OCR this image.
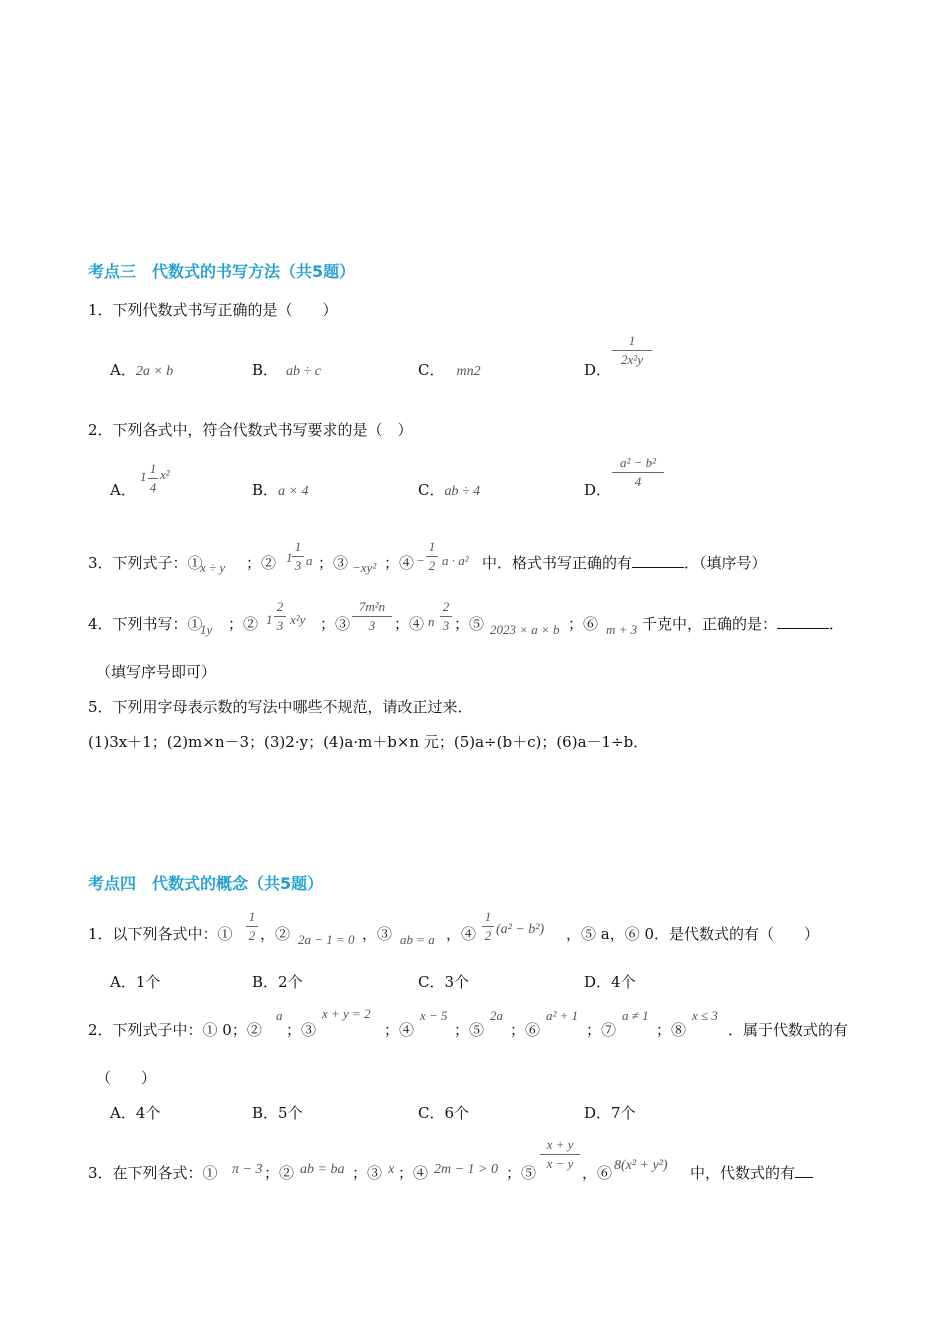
考点三　代数式的书写方法（共5题）
1．下列代数式书写正确的是（　　）
A．2a × b	B． ab ÷ c	C． mn2	D．
1
2x²y
2．下列各式中，符合代数式书写要求的是（　）
A．
1
1
4
x²
B．a × 4	C．ab ÷ 4	D．
a² − b²
4
3．下列式子：①
x ÷ y ；② 1
1
3 a ；③ −xy² ；④ −
1
2 a · a² 中．格式书写正确的有	．（填序号）
4．下列书写：①
1y ；② 1
2
3 x²y ；③
7m²n
3	；④ n
2
3 ；⑤ 2023 × a × b ；⑥ m + 3 千克中，正确的是：	．
（填写序号即可）
5．下列用字母表示数的写法中哪些不规范，请改正过来．
(1)3x＋1；(2)m×n－3；(3)2·y；(4)a·m＋b×n 元；(5)a÷(b＋c)；(6)a－1÷b．
考点四　代数式的概念（共5题）
1．以下列各式中：①
1
2 ，② 2a − 1 = 0 ，③ ab = a ，④
1
2 (a² − b²) ，⑤ a，⑥ 0．是代数式的有（　　）
A．1个	B．2个	C．3个	D．4个
2．下列式子中：① 0；②
a
；③
x + y = 2
；④
x − 5
；⑤
2a
；⑥
a² + 1
；⑦
a ≠ 1
；⑧
x ≤ 3
．属于代数式的有
（　　）
A．4个	B．5个	C．6个	D．7个
3．在下列各式：① π − 3 ；② ab = ba ；③ x ；④ 2m − 1 > 0 ；⑤
x + y
x − y
，⑥ 8(x² + y²) 中，代数式的有
